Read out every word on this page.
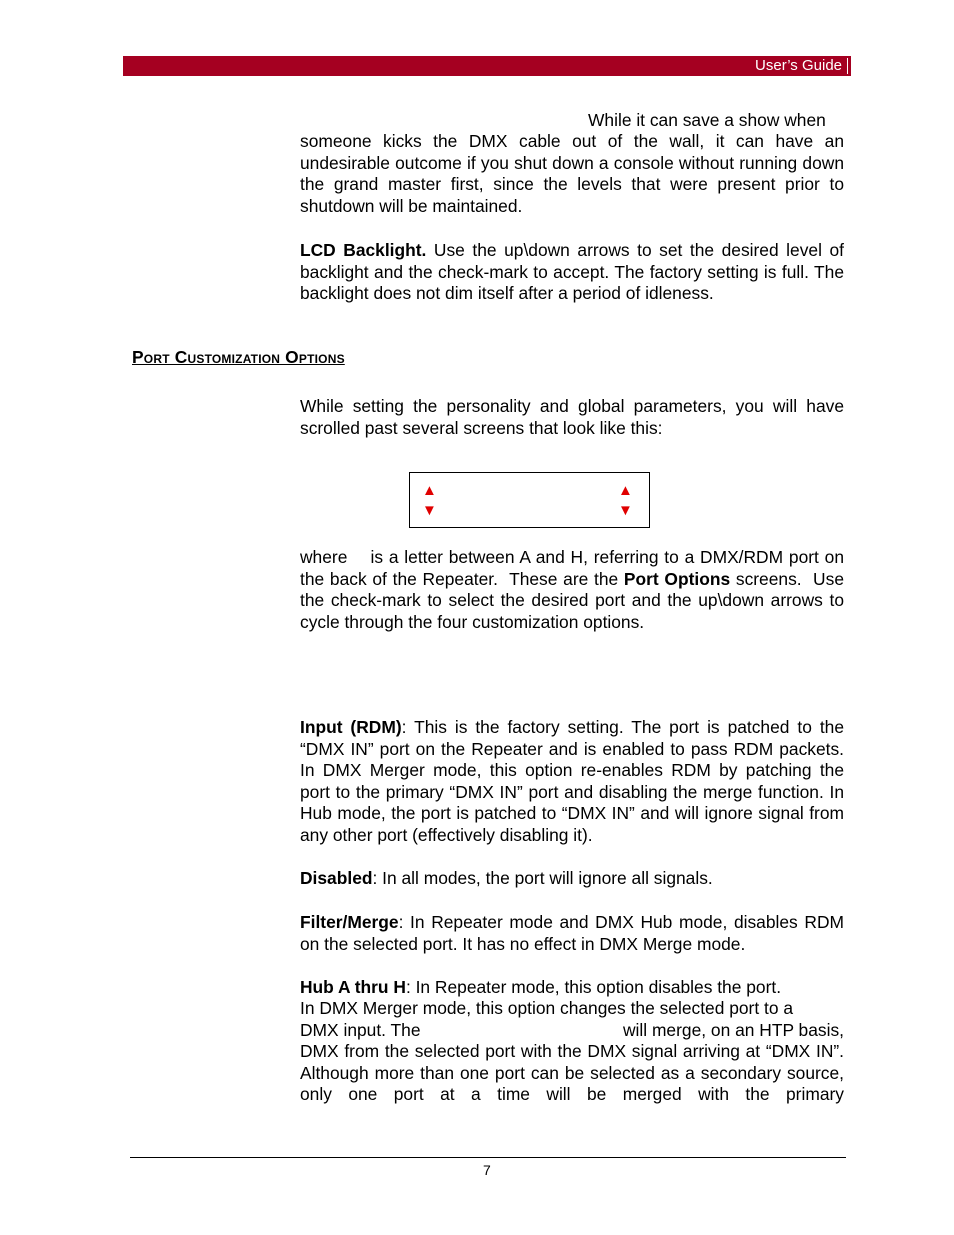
User’s Guide
While it can save a show when

someone kicks the DMX cable out of the wall, it can have an undesirable outcome if you shut down a console without running down the grand master first, since the levels that were present prior to shutdown will be maintained.

LCD Backlight. Use the up\down arrows to set the desired level of backlight and the check-mark to accept. The factory setting is full. The backlight does not dim itself after a period of idleness.

Port Customization Options

While setting the personality and global parameters, you will have scrolled past several screens that look like this:

▲
▼
▲
▼

where    is a letter between A and H, referring to a DMX/RDM port on the back of the Repeater.  These are the Port Options screens.  Use the check-mark to select the desired port and the up\down arrows to cycle through the four customization options.

Input (RDM): This is the factory setting. The port is patched to the “DMX IN” port on the Repeater and is enabled to pass RDM packets. In DMX Merger mode, this option re-enables RDM by patching the port to the primary “DMX IN” port and disabling the merge function. In Hub mode, the port is patched to “DMX IN” and will ignore signal from any other port (effectively disabling it).

Disabled: In all modes, the port will ignore all signals.

Filter/Merge: In Repeater mode and DMX Hub mode, disables RDM on the selected port. It has no effect in DMX Merge mode.

Hub A thru H: In Repeater mode, this option disables the port.

In DMX Merger mode, this option changes the selected port to a

DMX input. The	will merge, on an HTP basis,

DMX from the selected port with the DMX signal arriving at “DMX IN”. Although more than one port can be selected as a secondary source, only one port at a time will be merged with the primary

7
